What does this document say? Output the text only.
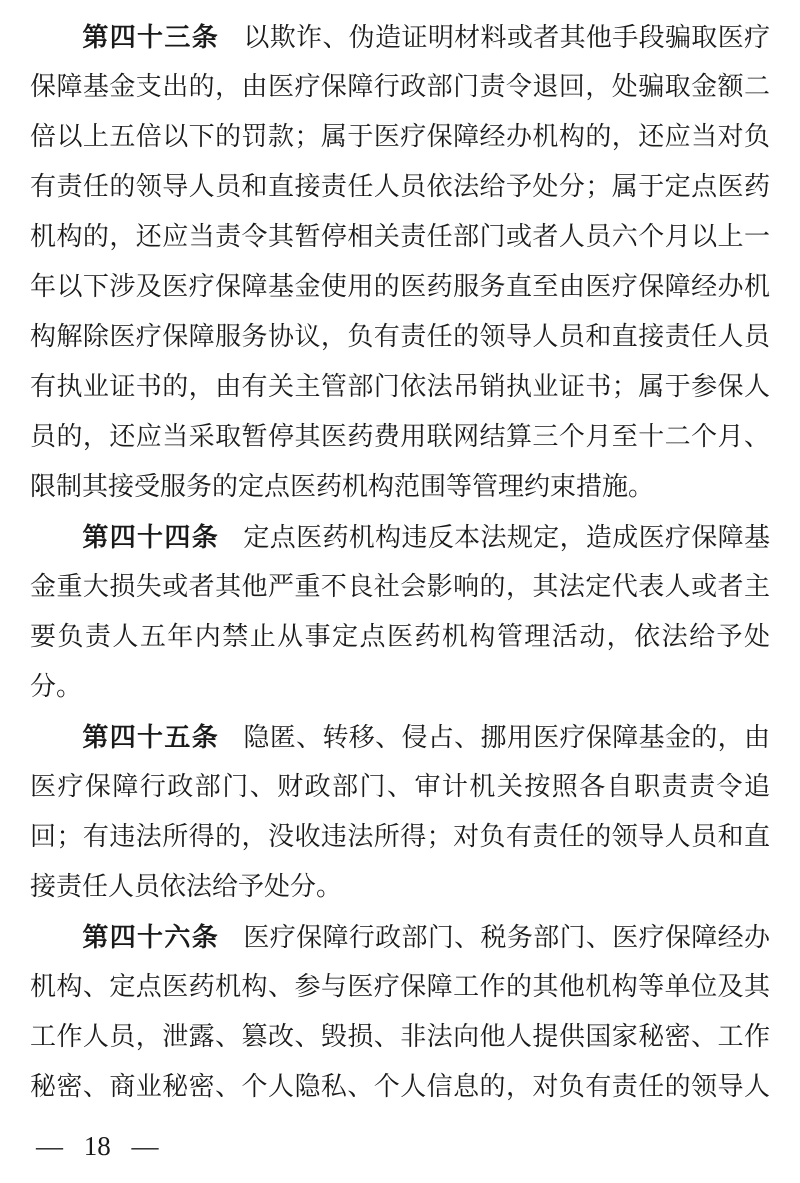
第四十三条 以欺诈、伪造证明材料或者其他手段骗取医疗
保障基金支出的，由医疗保障行政部门责令退回，处骗取金额二
倍以上五倍以下的罚款；属于医疗保障经办机构的，还应当对负
有责任的领导人员和直接责任人员依法给予处分；属于定点医药
机构的，还应当责令其暂停相关责任部门或者人员六个月以上一
年以下涉及医疗保障基金使用的医药服务直至由医疗保障经办机
构解除医疗保障服务协议，负有责任的领导人员和直接责任人员
有执业证书的，由有关主管部门依法吊销执业证书；属于参保人
员的，还应当采取暂停其医药费用联网结算三个月至十二个月、
限制其接受服务的定点医药机构范围等管理约束措施。
第四十四条 定点医药机构违反本法规定，造成医疗保障基
金重大损失或者其他严重不良社会影响的，其法定代表人或者主
要负责人五年内禁止从事定点医药机构管理活动，依法给予处
分。
第四十五条 隐匿、转移、侵占、挪用医疗保障基金的，由
医疗保障行政部门、财政部门、审计机关按照各自职责责令追
回；有违法所得的，没收违法所得；对负有责任的领导人员和直
接责任人员依法给予处分。
第四十六条 医疗保障行政部门、税务部门、医疗保障经办
机构、定点医药机构、参与医疗保障工作的其他机构等单位及其
工作人员，泄露、篡改、毁损、非法向他人提供国家秘密、工作
秘密、商业秘密、个人隐私、个人信息的，对负有责任的领导人
— 18 —
